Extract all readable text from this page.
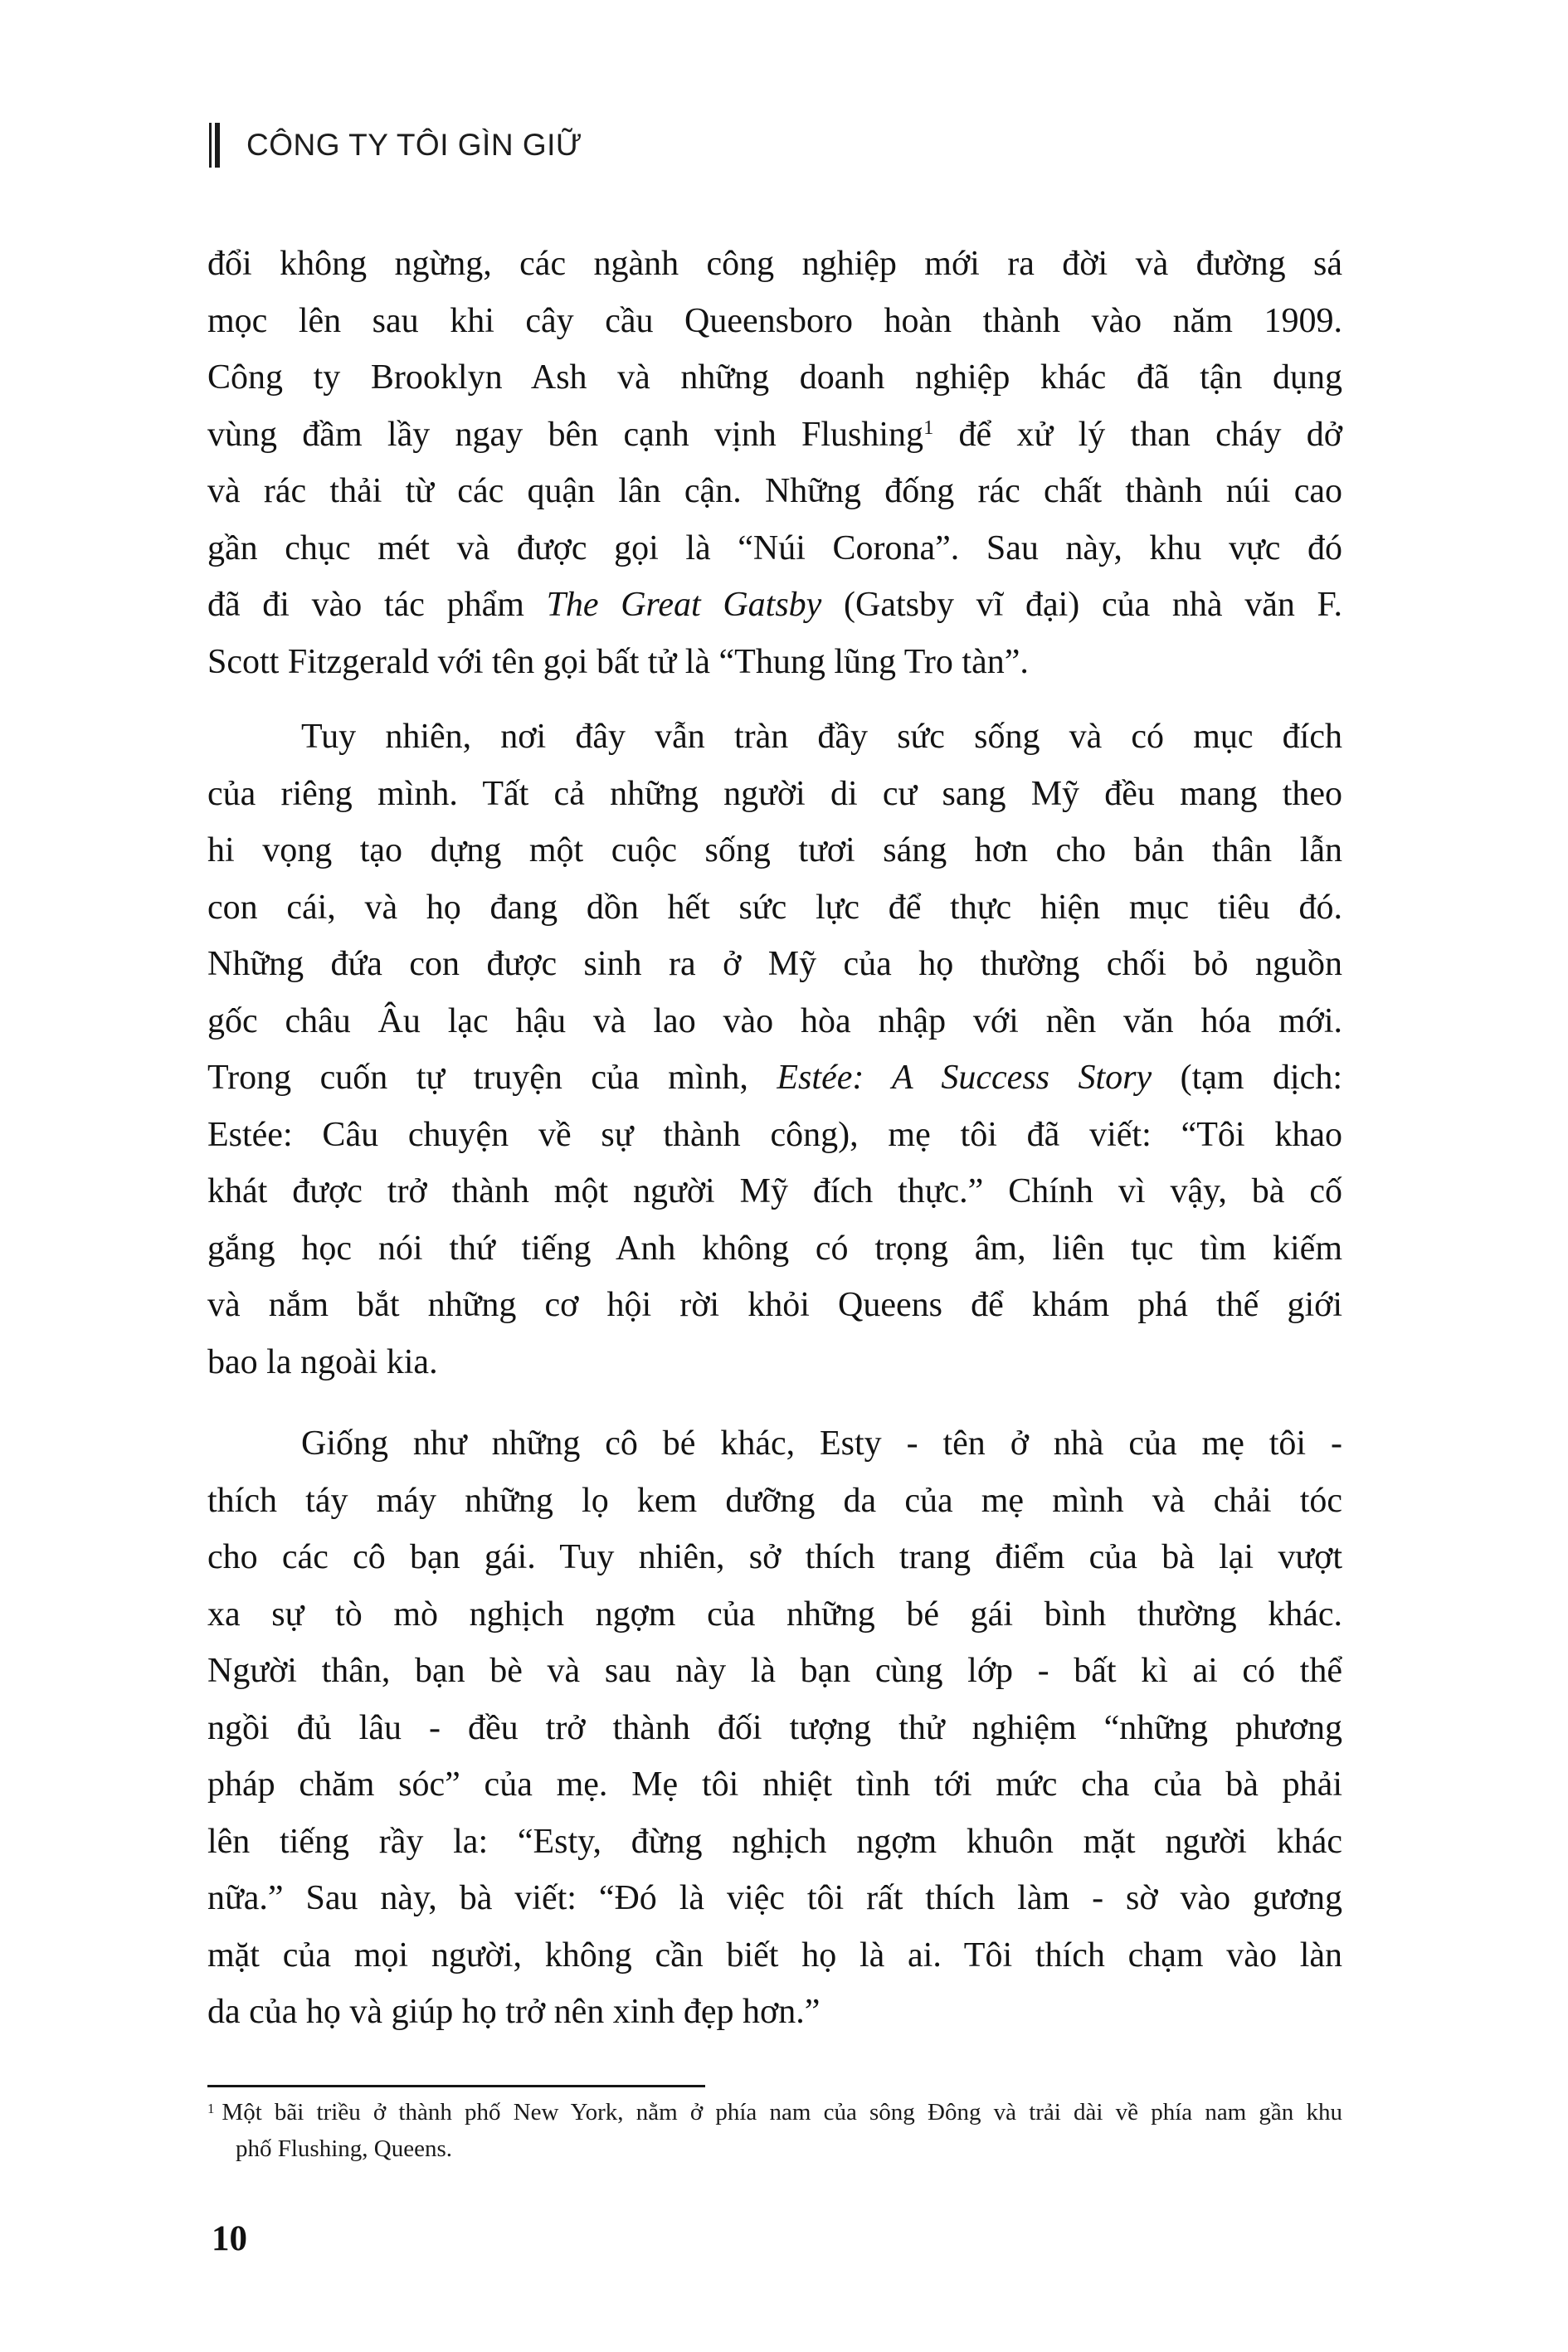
CÔNG TY TÔI GÌN GIỮ

đổi không ngừng, các ngành công nghiệp mới ra đời và đường sá
mọc lên sau khi cây cầu Queensboro hoàn thành vào năm 1909.
Công ty Brooklyn Ash và những doanh nghiệp khác đã tận dụng
vùng đầm lầy ngay bên cạnh vịnh Flushing$^1$ để xử lý than cháy dở
và rác thải từ các quận lân cận. Những đống rác chất thành núi cao
gần chục mét và được gọi là “Núi Corona”. Sau này, khu vực đó
đã đi vào tác phẩm The Great Gatsby (Gatsby vĩ đại) của nhà văn F.
Scott Fitzgerald với tên gọi bất tử là “Thung lũng Tro tàn”.

Tuy nhiên, nơi đây vẫn tràn đầy sức sống và có mục đích
của riêng mình. Tất cả những người di cư sang Mỹ đều mang theo
hi vọng tạo dựng một cuộc sống tươi sáng hơn cho bản thân lẫn
con cái, và họ đang dồn hết sức lực để thực hiện mục tiêu đó.
Những đứa con được sinh ra ở Mỹ của họ thường chối bỏ nguồn
gốc châu Âu lạc hậu và lao vào hòa nhập với nền văn hóa mới.
Trong cuốn tự truyện của mình, Estée: A Success Story (tạm dịch:
Estée: Câu chuyện về sự thành công), mẹ tôi đã viết: “Tôi khao
khát được trở thành một người Mỹ đích thực.” Chính vì vậy, bà cố
gắng học nói thứ tiếng Anh không có trọng âm, liên tục tìm kiếm
và nắm bắt những cơ hội rời khỏi Queens để khám phá thế giới
bao la ngoài kia.

Giống như những cô bé khác, Esty - tên ở nhà của mẹ tôi -
thích táy máy những lọ kem dưỡng da của mẹ mình và chải tóc
cho các cô bạn gái. Tuy nhiên, sở thích trang điểm của bà lại vượt
xa sự tò mò nghịch ngợm của những bé gái bình thường khác.
Người thân, bạn bè và sau này là bạn cùng lớp - bất kì ai có thể
ngồi đủ lâu - đều trở thành đối tượng thử nghiệm “những phương
pháp chăm sóc” của mẹ. Mẹ tôi nhiệt tình tới mức cha của bà phải
lên tiếng rầy la: “Esty, đừng nghịch ngợm khuôn mặt người khác
nữa.” Sau này, bà viết: “Đó là việc tôi rất thích làm - sờ vào gương
mặt của mọi người, không cần biết họ là ai. Tôi thích chạm vào làn
da của họ và giúp họ trở nên xinh đẹp hơn.”

$^1$ Một bãi triều ở thành phố New York, nằm ở phía nam của sông Đông và trải dài về phía nam gần khu
phố Flushing, Queens.
10
